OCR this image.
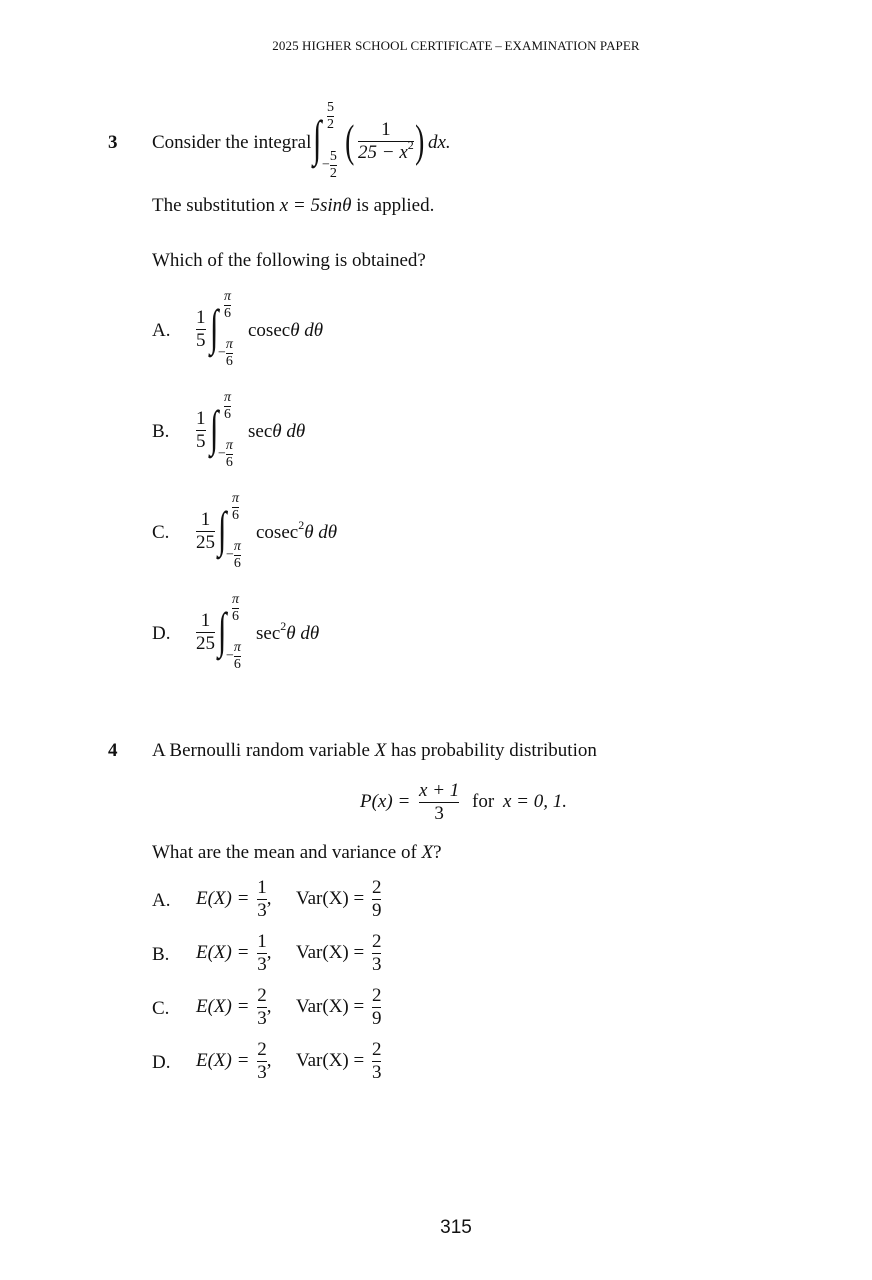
2025 HIGHER SCHOOL CERTIFICATE – EXAMINATION PAPER
3 Consider the integral
$\frac{5}{2}$
∫ − $\frac{5}{2}$ ( $\frac{1}{25 - x^2}$ ) dx.
The substitution x = 5sinθ is applied.
Which of the following is obtained?
A. $\frac{1}{5}$
$\frac{\pi}{6}$
∫ − $\frac{\pi}{6}$
cosecθ dθ
B. $\frac{1}{5}$
$\frac{\pi}{6}$
∫ − $\frac{\pi}{6}$
secθ dθ
C. $\frac{1}{25}$
$\frac{\pi}{6}$
∫ − $\frac{\pi}{6}$
cosec$^2$θ dθ
D. $\frac{1}{25}$
$\frac{\pi}{6}$
∫ − $\frac{\pi}{6}$
$\sec^2\theta$ dθ
4 A Bernoulli random variable X has probability distribution
$P(x) = \frac{x + 1}{3}$ for x = 0, 1.
What are the mean and variance of X?
A. $E(X) = \frac{1}{3}$ , $Var(X) = \frac{2}{9}$
B. $E(X) = \frac{1}{3}$ , $Var(X) = \frac{2}{3}$
C. $E(X) = \frac{2}{3}$ , $Var(X) = \frac{2}{9}$
D. $E(X) = \frac{2}{3}$ , $Var(X) = \frac{2}{3}$
315
